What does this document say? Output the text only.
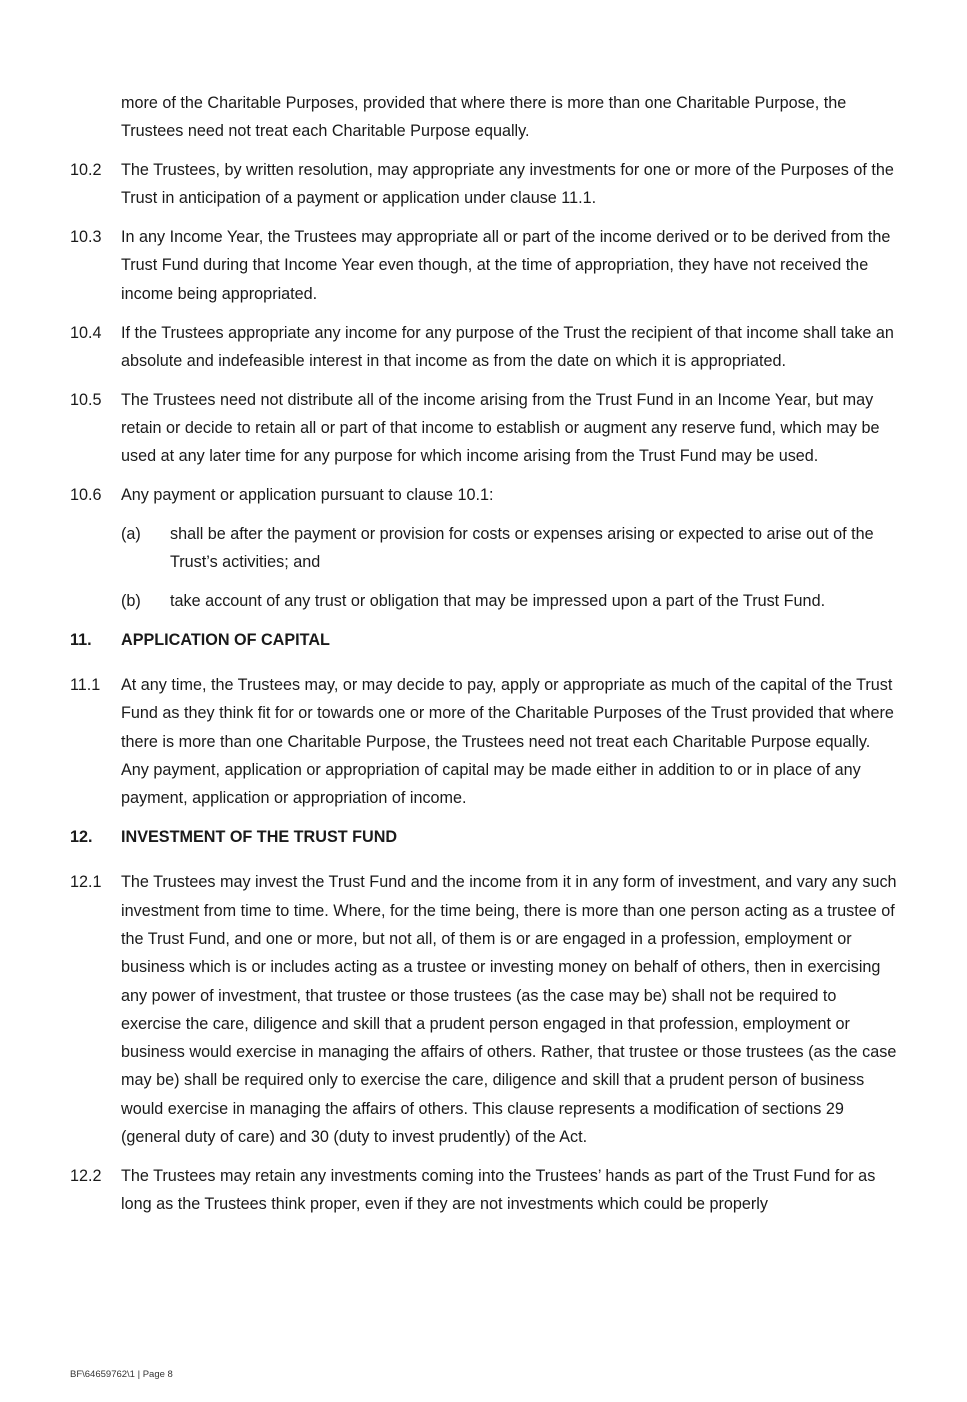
more of the Charitable Purposes, provided that where there is more than one Charitable Purpose, the Trustees need not treat each Charitable Purpose equally.
10.2	The Trustees, by written resolution, may appropriate any investments for one or more of the Purposes of the Trust in anticipation of a payment or application under clause 11.1.
10.3	In any Income Year, the Trustees may appropriate all or part of the income derived or to be derived from the Trust Fund during that Income Year even though, at the time of appropriation, they have not received the income being appropriated.
10.4	If the Trustees appropriate any income for any purpose of the Trust the recipient of that income shall take an absolute and indefeasible interest in that income as from the date on which it is appropriated.
10.5	The Trustees need not distribute all of the income arising from the Trust Fund in an Income Year, but may retain or decide to retain all or part of that income to establish or augment any reserve fund, which may be used at any later time for any purpose for which income arising from the Trust Fund may be used.
10.6	Any payment or application pursuant to clause 10.1:
(a)	shall be after the payment or provision for costs or expenses arising or expected to arise out of the Trust’s activities; and
(b)	take account of any trust or obligation that may be impressed upon a part of the Trust Fund.
11.	APPLICATION OF CAPITAL
11.1	At any time, the Trustees may, or may decide to pay, apply or appropriate as much of the capital of the Trust Fund as they think fit for or towards one or more of the Charitable Purposes of the Trust provided that where there is more than one Charitable Purpose, the Trustees need not treat each Charitable Purpose equally. Any payment, application or appropriation of capital may be made either in addition to or in place of any payment, application or appropriation of income.
12.	INVESTMENT OF THE TRUST FUND
12.1	The Trustees may invest the Trust Fund and the income from it in any form of investment, and vary any such investment from time to time. Where, for the time being, there is more than one person acting as a trustee of the Trust Fund, and one or more, but not all, of them is or are engaged in a profession, employment or business which is or includes acting as a trustee or investing money on behalf of others, then in exercising any power of investment, that trustee or those trustees (as the case may be) shall not be required to exercise the care, diligence and skill that a prudent person engaged in that profession, employment or business would exercise in managing the affairs of others. Rather, that trustee or those trustees (as the case may be) shall be required only to exercise the care, diligence and skill that a prudent person of business would exercise in managing the affairs of others. This clause represents a modification of sections 29 (general duty of care) and 30 (duty to invest prudently) of the Act.
12.2	The Trustees may retain any investments coming into the Trustees’ hands as part of the Trust Fund for as long as the Trustees think proper, even if they are not investments which could be properly
BF\64659762\1 | Page 8
